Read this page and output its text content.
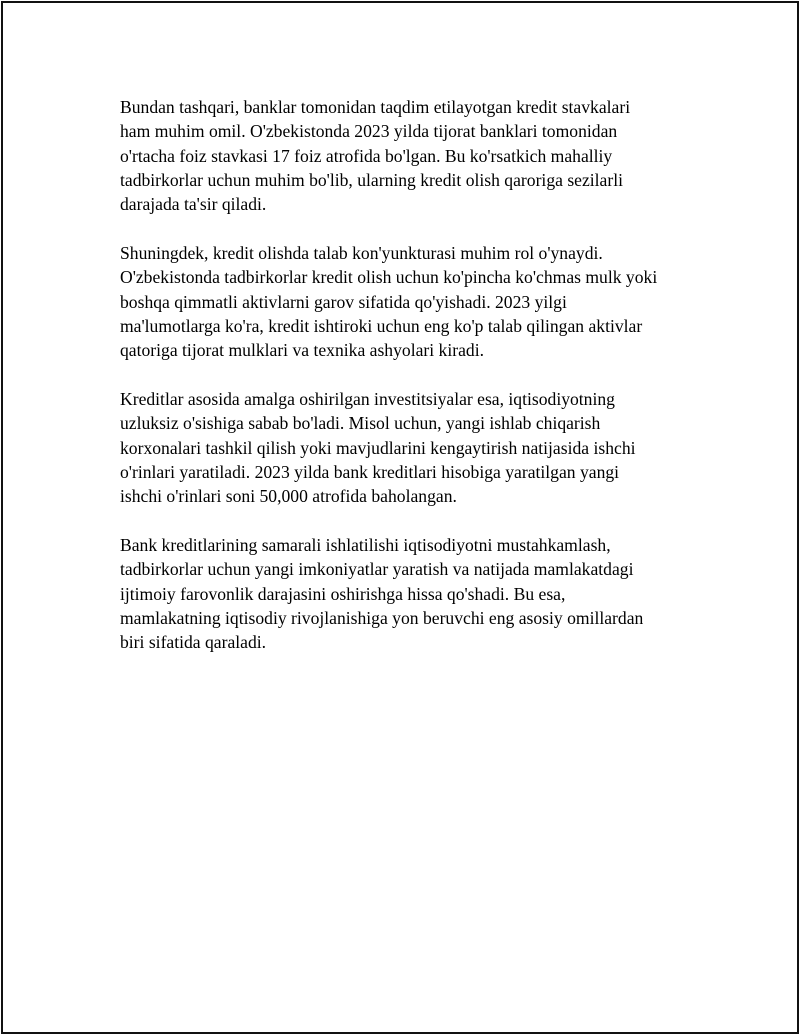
Bundan tashqari, banklar tomonidan taqdim etilayotgan kredit stavkalari
ham muhim omil. O'zbekistonda 2023 yilda tijorat banklari tomonidan
o'rtacha foiz stavkasi 17 foiz atrofida bo'lgan. Bu ko'rsatkich mahalliy
tadbirkorlar uchun muhim bo'lib, ularning kredit olish qaroriga sezilarli
darajada ta'sir qiladi.

Shuningdek, kredit olishda talab kon'yunkturasi muhim rol o'ynaydi.
O'zbekistonda tadbirkorlar kredit olish uchun ko'pincha ko'chmas mulk yoki
boshqa qimmatli aktivlarni garov sifatida qo'yishadi. 2023 yilgi
ma'lumotlarga ko'ra, kredit ishtiroki uchun eng ko'p talab qilingan aktivlar
qatoriga tijorat mulklari va texnika ashyolari kiradi.

Kreditlar asosida amalga oshirilgan investitsiyalar esa, iqtisodiyotning
uzluksiz o'sishiga sabab bo'ladi. Misol uchun, yangi ishlab chiqarish
korxonalari tashkil qilish yoki mavjudlarini kengaytirish natijasida ishchi
o'rinlari yaratiladi. 2023 yilda bank kreditlari hisobiga yaratilgan yangi
ishchi o'rinlari soni 50,000 atrofida baholangan.

Bank kreditlarining samarali ishlatilishi iqtisodiyotni mustahkamlash,
tadbirkorlar uchun yangi imkoniyatlar yaratish va natijada mamlakatdagi
ijtimoiy farovonlik darajasini oshirishga hissa qo'shadi. Bu esa,
mamlakatning iqtisodiy rivojlanishiga yon beruvchi eng asosiy omillardan
biri sifatida qaraladi.
